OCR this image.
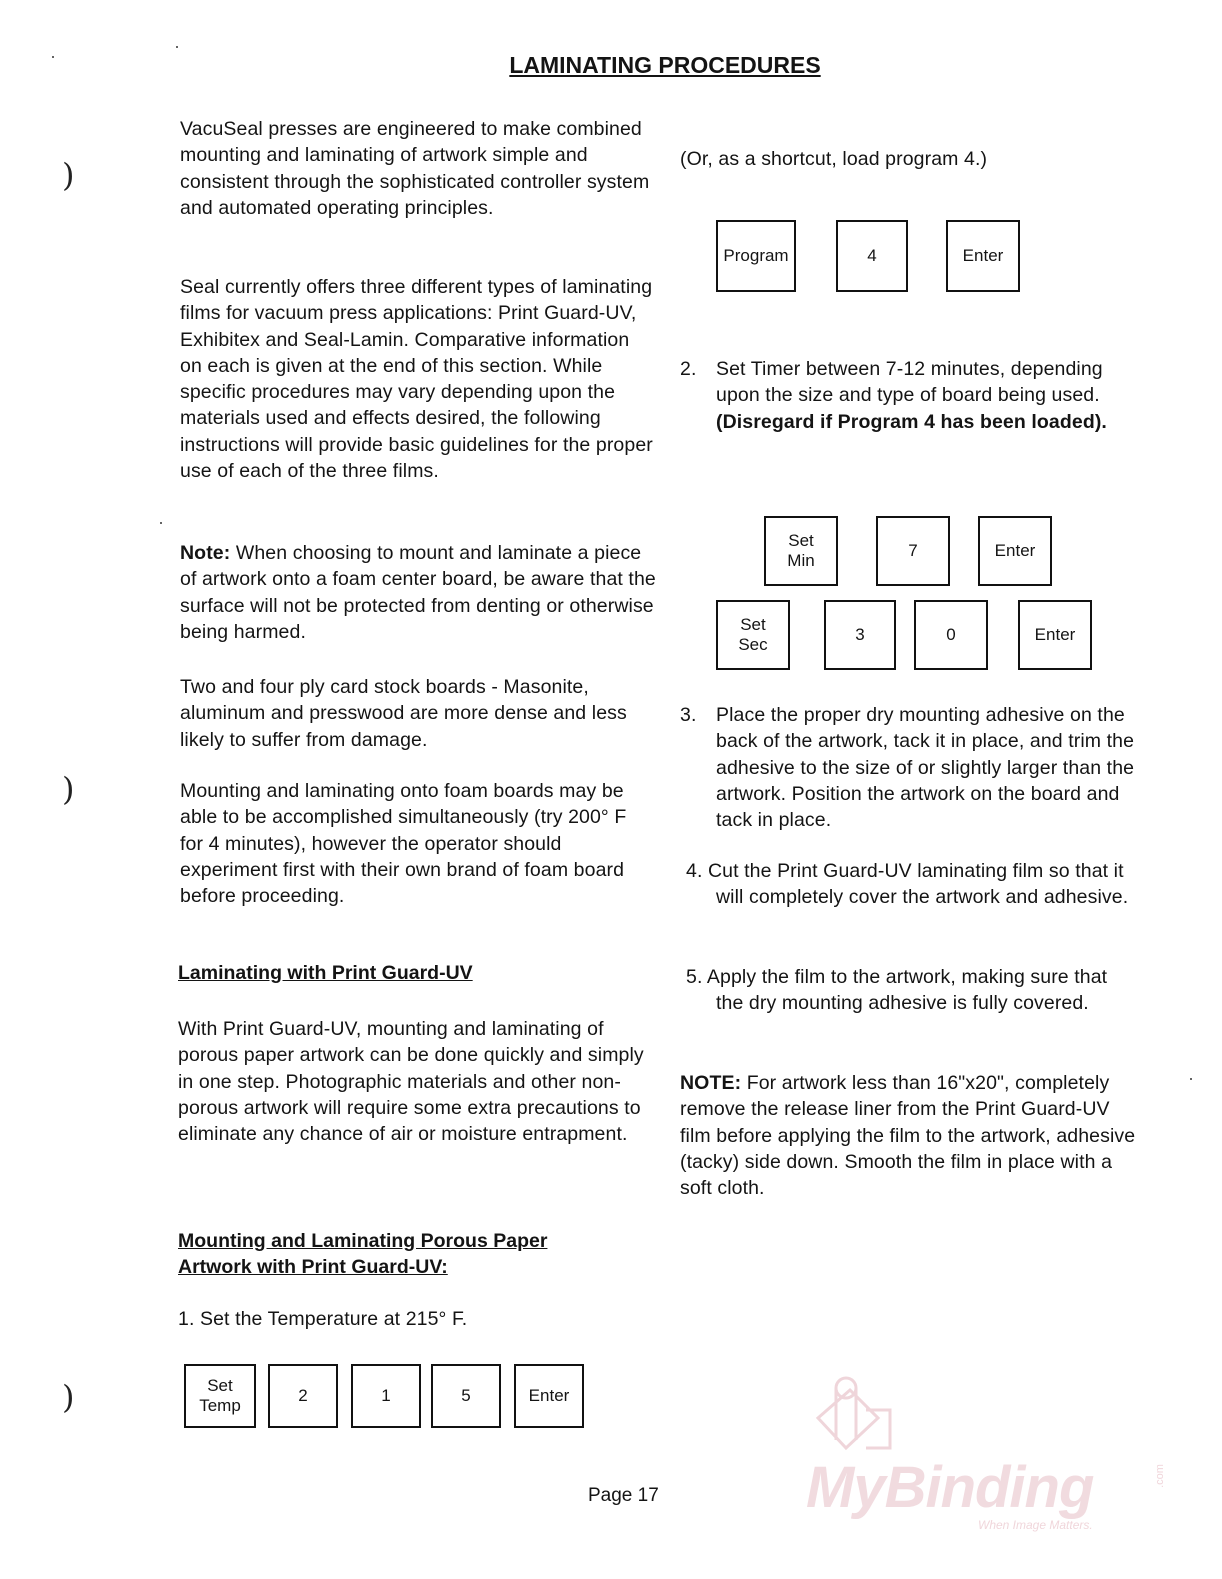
LAMINATING PROCEDURES
)
)
)
VacuSeal presses are engineered to make combined mounting and laminating of artwork simple and consistent through the sophisticated controller system and automated operating principles.
Seal currently offers three different types of laminating films for vacuum press applications: Print Guard-UV, Exhibitex and Seal-Lamin. Comparative information on each is given at the end of this section. While specific procedures may vary depending upon the materials used and effects desired, the following instructions will provide basic guidelines for the proper use of each of the three films.
Note: When choosing to mount and laminate a piece of artwork onto a foam center board, be aware that the surface will not be protected from denting or otherwise being harmed.
Two and four ply card stock boards - Masonite, aluminum and presswood are more dense and less likely to suffer from damage.
Mounting and laminating onto foam boards may be able to be accomplished simultaneously (try 200° F for 4 minutes), however the operator should experiment first with their own brand of foam board before proceeding.
Laminating with Print Guard-UV
With Print Guard-UV, mounting and laminating of porous paper artwork can be done quickly and simply in one step. Photographic materials and other non-porous artwork will require some extra precautions to eliminate any chance of air or moisture entrapment.
Mounting and Laminating Porous Paper
Artwork with Print Guard-UV:
1. Set the Temperature at 215° F.
Set
Temp
2	1	5	Enter
(Or, as a shortcut, load program 4.)
Program	4	Enter
2. Set Timer between 7-12 minutes, depending upon the size and type of board being used. (Disregard if Program 4 has been loaded).
Set
Min
7	Enter
Set
Sec
3	0	Enter
3. Place the proper dry mounting adhesive on the back of the artwork, tack it in place, and trim the adhesive to the size of or slightly larger than the artwork. Position the artwork on the board and tack in place.
4. Cut the Print Guard-UV laminating film so that it will completely cover the artwork and adhesive.
5. Apply the film to the artwork, making sure that the dry mounting adhesive is fully covered.
NOTE: For artwork less than 16"x20", completely remove the release liner from the Print Guard-UV film before applying the film to the artwork, adhesive (tacky) side down. Smooth the film in place with a soft cloth.
Page 17	MyBinding	.com
When Image Matters.
